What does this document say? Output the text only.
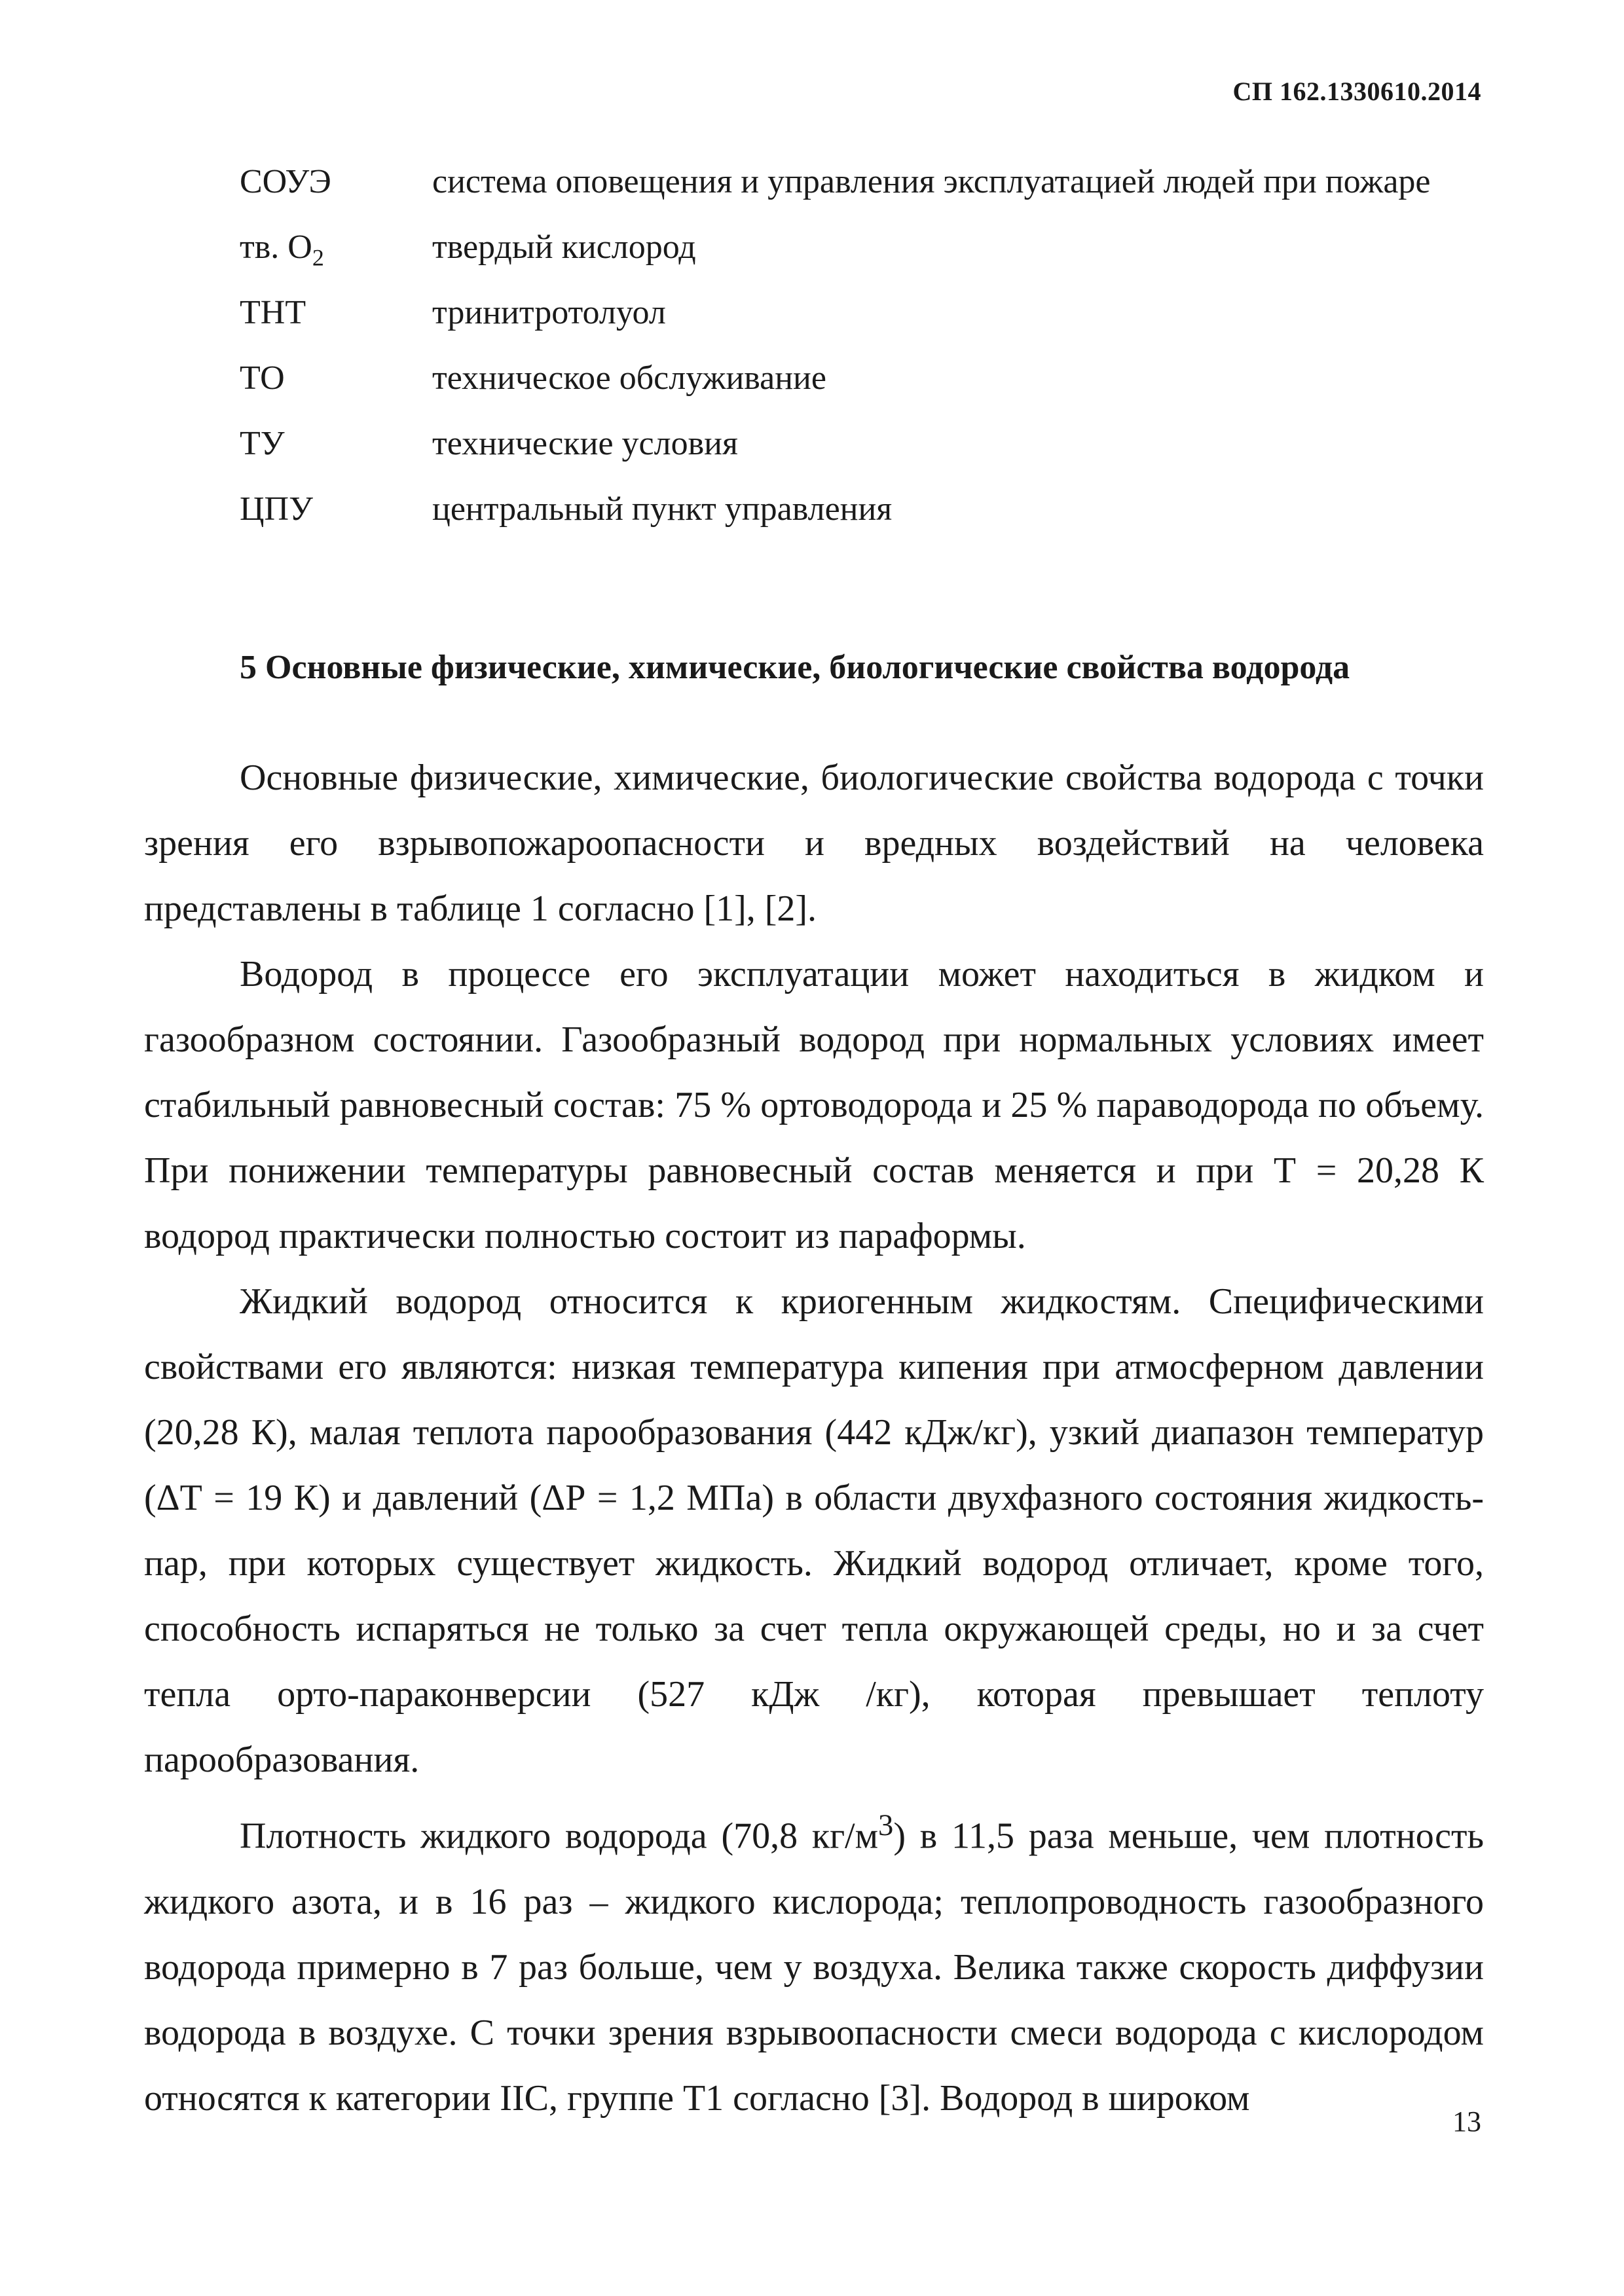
СП 162.1330610.2014
СОУЭ	система оповещения и управления эксплуатацией людей при пожаре
тв. $О_2$	твердый кислород
ТНТ	тринитротолуол
ТО	техническое обслуживание
ТУ	технические условия
ЦПУ	центральный пункт управления
5 Основные физические, химические, биологические свойства водорода

Основные физические, химические, биологические свойства водорода с точки зрения его взрывопожароопасности и вредных воздействий на человека представлены в таблице 1 согласно [1], [2].

Водород в процессе его эксплуатации может находиться в жидком и газообразном состоянии. Газообразный водород при нормальных условиях имеет стабильный равновесный состав: 75 % ортоводорода и 25 % параводорода по объему. При понижении температуры равновесный состав меняется и при Т = 20,28 К водород практически полностью состоит из параформы.

Жидкий водород относится к криогенным жидкостям. Специфическими свойствами его являются: низкая температура кипения при атмосферном давлении (20,28 К), малая теплота парообразования (442 кДж/кг), узкий диапазон температур (ΔТ = 19 К) и давлений (ΔР = 1,2 МПа) в области двухфазного состояния жидкость-пар, при которых существует жидкость. Жидкий водород отличает, кроме того, способность испаряться не только за счет тепла окружающей среды, но и за счет тепла орто-параконверсии (527 кДж /кг), которая превышает теплоту парообразования.

Плотность жидкого водорода (70,8 $кг/м^3$) в 11,5 раза меньше, чем плотность жидкого азота, и в 16 раз – жидкого кислорода; теплопроводность газообразного водорода примерно в 7 раз больше, чем у воздуха. Велика также скорость диффузии водорода в воздухе. С точки зрения взрывоопасности смеси водорода с кислородом относятся к категории IIС, группе Т1 согласно [3]. Водород в широком

13
